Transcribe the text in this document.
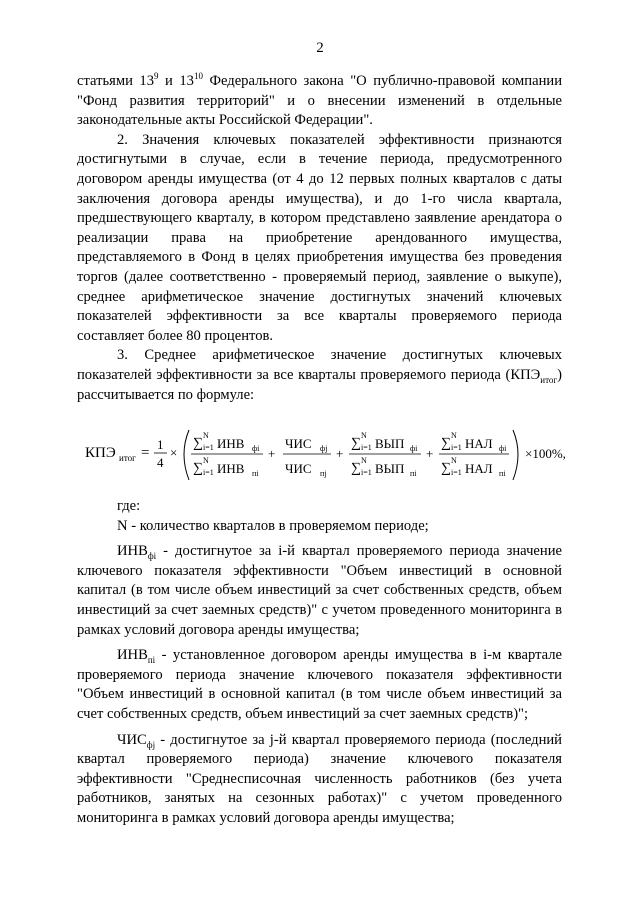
2

статьями $13^9$ и $13^{10}$ Федерального закона "О публично-правовой компании "Фонд развития территорий" и о внесении изменений в отдельные законодательные акты Российской Федерации".

2. Значения ключевых показателей эффективности признаются достигнутыми в случае, если в течение периода, предусмотренного договором аренды имущества (от 4 до 12 первых полных кварталов с даты заключения договора аренды имущества), и до 1-го числа квартала, предшествующего кварталу, в котором представлено заявление арендатора о реализации права на приобретение арендованного имущества, представляемого в Фонд в целях приобретения имущества без проведения торгов (далее соответственно - проверяемый период, заявление о выкупе), среднее арифметическое значение достигнутых значений ключевых показателей эффективности за все кварталы проверяемого периода составляет более 80 процентов.

3. Среднее арифметическое значение достигнутых ключевых показателей эффективности за все кварталы проверяемого периода $(КПЭ_{итог})$ рассчитывается по формуле:

КПЭ итог =
1
4
×
∑
N
i=1 ИНВ фi
∑
N
i=1 ИНВ пi
+
ЧИС фj
ЧИС пj
+
∑
N
i=1 ВЫП фi
∑
N
i=1 ВЫП пi
+
∑
N
i=1 НАЛ фi
∑
N
i=1 НАЛ пi
×100%,

где:

N - количество кварталов в проверяемом периоде;

$ИНВ_{фi}$ - достигнутое за i-й квартал проверяемого периода значение ключевого показателя эффективности "Объем инвестиций в основной капитал (в том числе объем инвестиций за счет собственных средств, объем инвестиций за счет заемных средств)" с учетом проведенного мониторинга в рамках условий договора аренды имущества;

$ИНВ_{пi}$ - установленное договором аренды имущества в i-м квартале проверяемого периода значение ключевого показателя эффективности "Объем инвестиций в основной капитал (в том числе объем инвестиций за счет собственных средств, объем инвестиций за счет заемных средств)";

$ЧИС_{фj}$ - достигнутое за j-й квартал проверяемого периода (последний квартал проверяемого периода) значение ключевого показателя эффективности "Среднесписочная численность работников (без учета работников, занятых на сезонных работах)" с учетом проведенного мониторинга в рамках условий договора аренды имущества;
